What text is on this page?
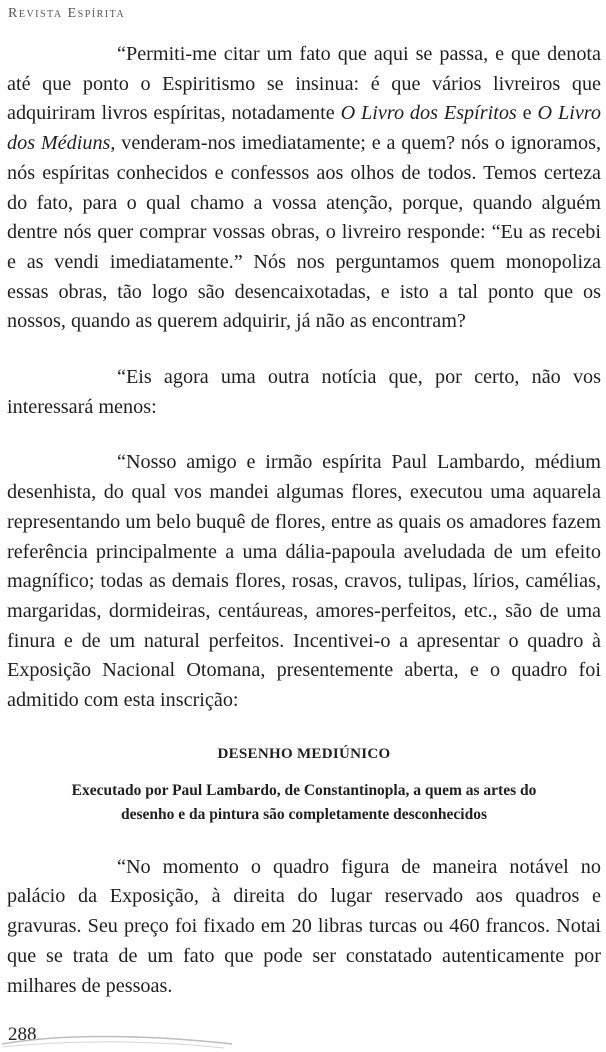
Revista Espírita

“Permiti-me citar um fato que aqui se passa, e que denota até que ponto o Espiritismo se insinua: é que vários livreiros que adquiriram livros espíritas, notadamente O Livro dos Espíritos e O Livro dos Médiuns, venderam-nos imediatamente; e a quem? nós o ignoramos, nós espíritas conhecidos e confessos aos olhos de todos. Temos certeza do fato, para o qual chamo a vossa atenção, porque, quando alguém dentre nós quer comprar vossas obras, o livreiro responde: “Eu as recebi e as vendi imediatamente.” Nós nos perguntamos quem monopoliza essas obras, tão logo são desencaixotadas, e isto a tal ponto que os nossos, quando as querem adquirir, já não as encontram?

“Eis agora uma outra notícia que, por certo, não vos interessará menos:

“Nosso amigo e irmão espírita Paul Lambardo, médium desenhista, do qual vos mandei algumas flores, executou uma aquarela representando um belo buquê de flores, entre as quais os amadores fazem referência principalmente a uma dália-papoula aveludada de um efeito magnífico; todas as demais flores, rosas, cravos, tulipas, lírios, camélias, margaridas, dormideiras, centáureas, amores-perfeitos, etc., são de uma finura e de um natural perfeitos. Incentivei-o a apresentar o quadro à Exposição Nacional Otomana, presentemente aberta, e o quadro foi admitido com esta inscrição:

DESENHO MEDIÚNICO
Executado por Paul Lambardo, de Constantinopla, a quem as artes do
desenho e da pintura são completamente desconhecidos

“No momento o quadro figura de maneira notável no palácio da Exposição, à direita do lugar reservado aos quadros e gravuras. Seu preço foi fixado em 20 libras turcas ou 460 francos. Notai que se trata de um fato que pode ser constatado autenticamente por milhares de pessoas.

288
